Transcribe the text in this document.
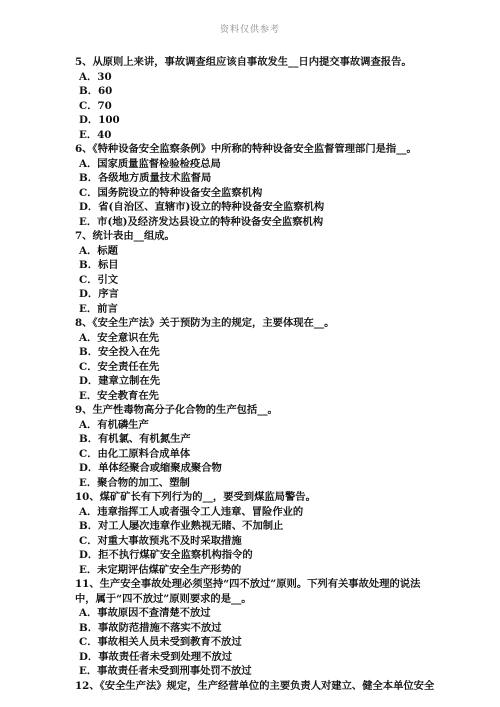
资料仅供参考
5、从原则上来讲，事故调查组应该自事故发生__日内提交事故调查报告。
A．30
B．60
C．70
D．100
E．40
6、《特种设备安全监察条例》中所称的特种设备安全监督管理部门是指__。
A．国家质量监督检验检疫总局
B．各级地方质量技术监督局
C．国务院设立的特种设备安全监察机构
D．省(自治区、直辖市)设立的特种设备安全监察机构
E．市(地)及经济发达县设立的特种设备安全监察机构
7、统计表由__组成。
A．标题
B．标目
C．引文
D．序言
E．前言
8、《安全生产法》关于预防为主的规定，主要体现在__。
A．安全意识在先
B．安全投入在先
C．安全责任在先
D．建章立制在先
E．安全教育在先
9、生产性毒物高分子化合物的生产包括__。
A．有机磷生产
B．有机氯、有机氮生产
C．由化工原料合成单体
D．单体经聚合或缩聚成聚合物
E．聚合物的加工、塑制
10、煤矿矿长有下列行为的__，要受到煤监局警告。
A．违章指挥工人或者强令工人违章、冒险作业的
B．对工人屡次违章作业熟视无睹、不加制止
C．对重大事故预兆不及时采取措施
D．拒不执行煤矿安全监察机构指令的
E．未定期评估煤矿安全生产形势的
11、生产安全事故处理必须坚持“四不放过”原则。下列有关事故处理的说法
中，属于“四不放过”原则要求的是__。
A．事故原因不查清楚不放过
B．事故防范措施不落实不放过
C．事故相关人员未受到教育不放过
D．事故责任者未受到处理不放过
E．事故责任者未受到刑事处罚不放过
12、《安全生产法》规定，生产经营单位的主要负责人对建立、健全本单位安全
